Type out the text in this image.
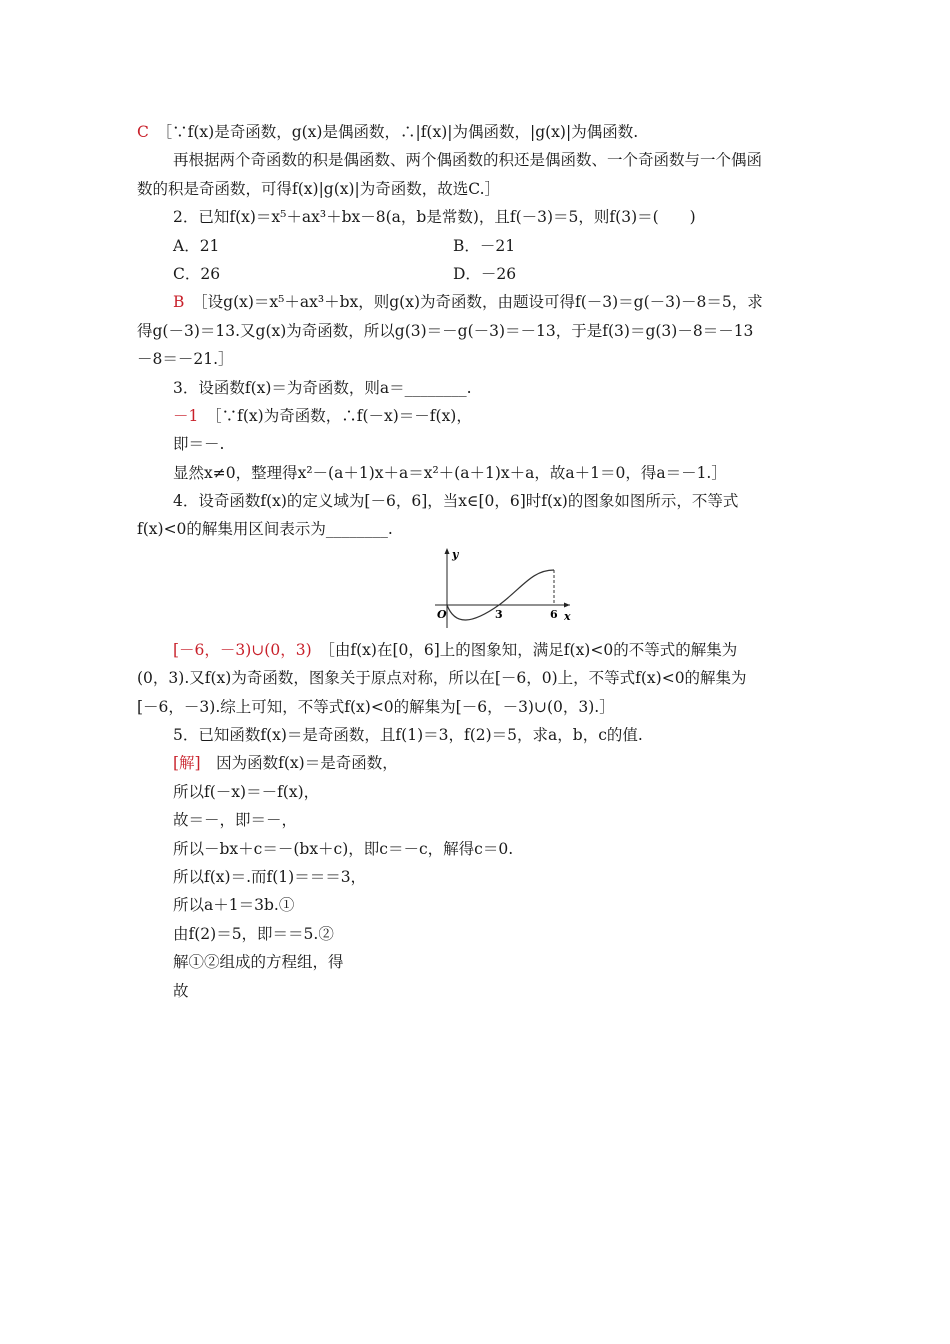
C　 ［∵f(x)是奇函数，g(x)是偶函数，∴|f(x)|为偶函数，|g(x)|为偶函数.
再根据两个奇函数的积是偶函数、两个偶函数的积还是偶函数、一个奇函数与一个偶函
数的积是奇函数，可得f(x)|g(x)|为奇函数，故选C.］
2．已知f(x)＝x⁵＋ax³＋bx－8(a，b是常数)，且f(－3)＝5，则f(3)＝(　　)
A．21	B．－21
C．26	D．－26
B　 ［设g(x)＝x⁵＋ax³＋bx，则g(x)为奇函数，由题设可得f(－3)＝g(－3)－8＝5，求
得g(－3)＝13.又g(x)为奇函数，所以g(3)＝－g(－3)＝－13，于是f(3)＝g(3)－8＝－13
－8＝－21.］
3．设函数f(x)＝为奇函数，则a＝________.
－1　 ［∵f(x)为奇函数，∴f(－x)＝－f(x)，
即＝－.
显然x≠0，整理得x²－(a＋1)x＋a＝x²＋(a＋1)x＋a，故a＋1＝0，得a＝－1.］
4．设奇函数f(x)的定义域为[－6，6]，当x∈[0，6]时f(x)的图象如图所示，不等式
f(x)<0的解集用区间表示为________.
y
x
O	3	6
[－6，－3)∪(0，3)　 ［由f(x)在[0，6]上的图象知，满足f(x)<0的不等式的解集为
(0，3).又f(x)为奇函数，图象关于原点对称，所以在[－6，0)上，不等式f(x)<0的解集为
[－6，－3).综上可知，不等式f(x)<0的解集为[－6，－3)∪(0，3).］
5．已知函数f(x)＝是奇函数，且f(1)＝3，f(2)＝5，求a，b，c的值.
[解]　 因为函数f(x)＝是奇函数，
所以f(－x)＝－f(x)，
故＝－，即＝－，
所以－bx＋c＝－(bx＋c)，即c＝－c，解得c＝0.
所以f(x)＝.而f(1)＝＝＝3，
所以a＋1＝3b.①
由f(2)＝5，即＝＝5.②
解①②组成的方程组，得
故
